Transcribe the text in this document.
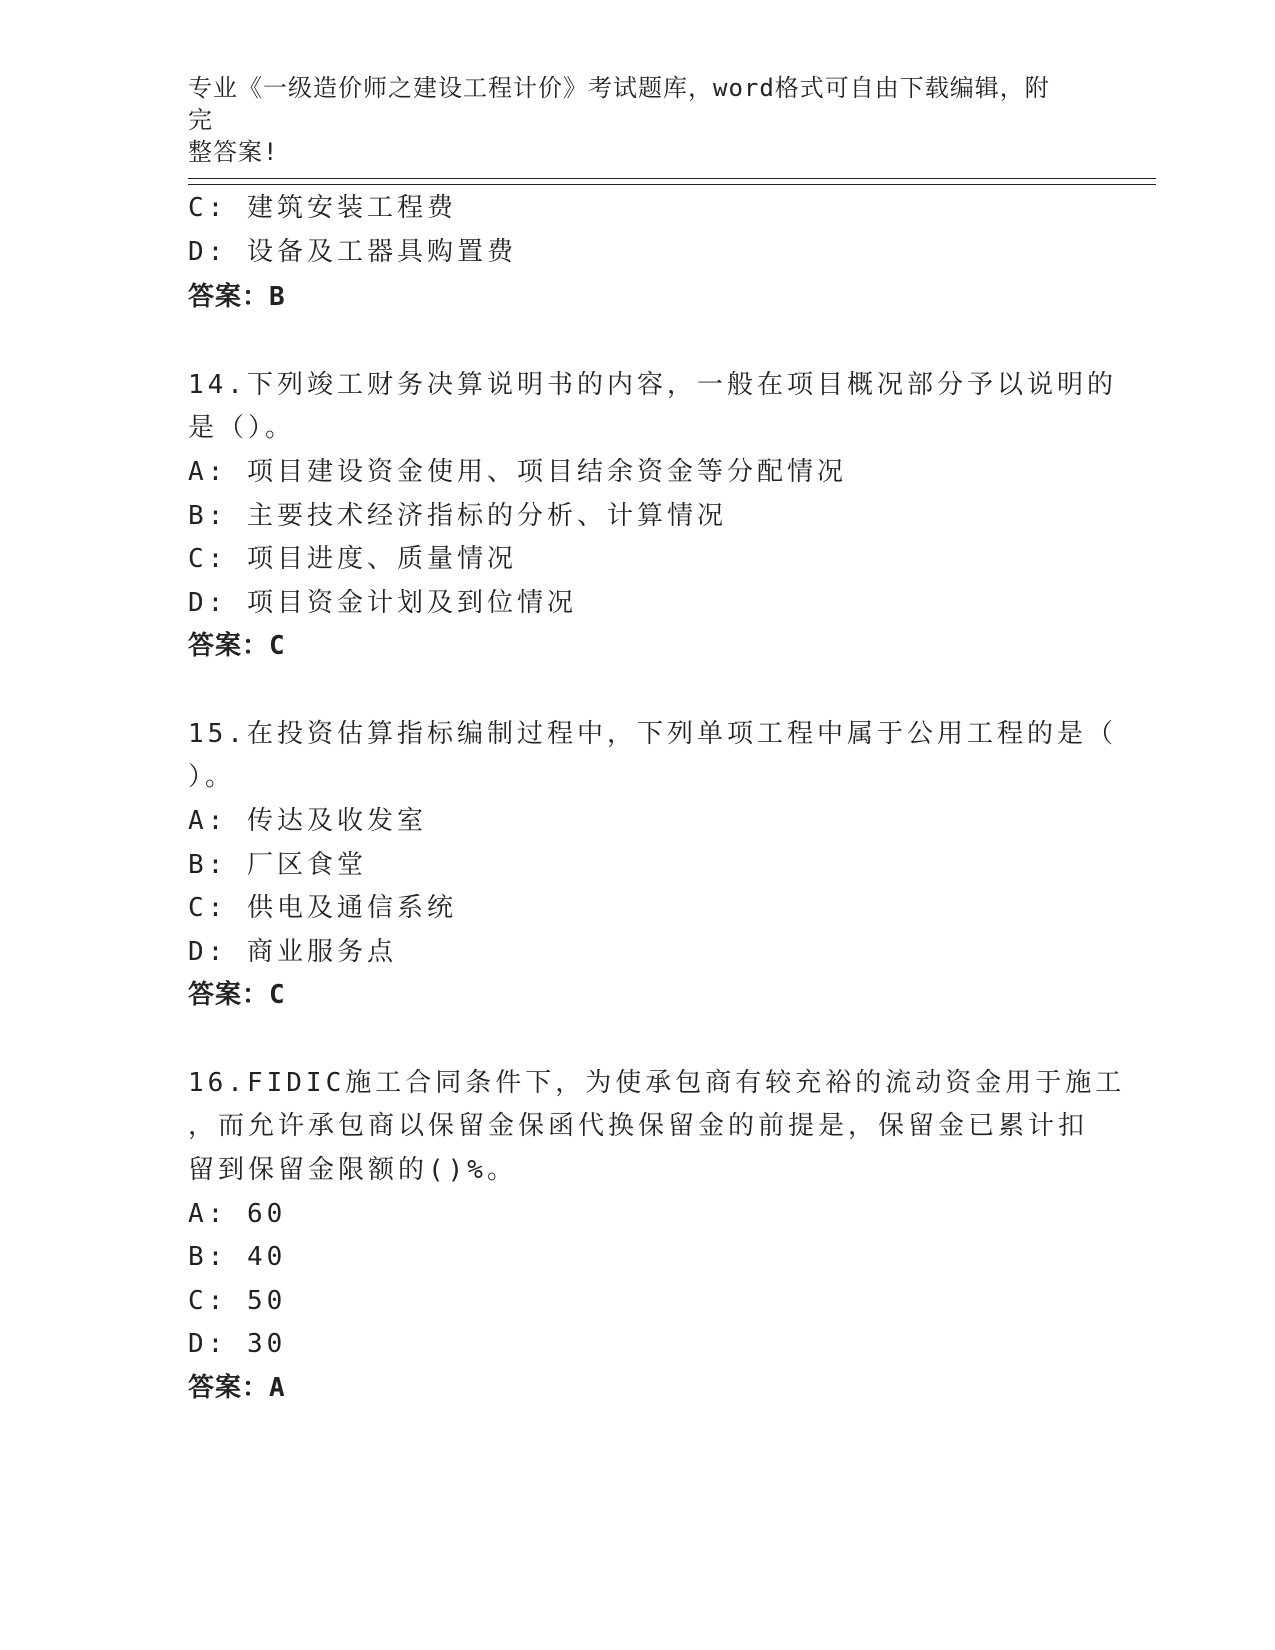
专业《一级造价师之建设工程计价》考试题库，word格式可自由下载编辑，附完
整答案!
C: 建筑安装工程费
D: 设备及工器具购置费
答案：B
14.下列竣工财务决算说明书的内容，一般在项目概况部分予以说明的
是（）。
A: 项目建设资金使用、项目结余资金等分配情况
B: 主要技术经济指标的分析、计算情况
C: 项目进度、质量情况
D: 项目资金计划及到位情况
答案：C
15.在投资估算指标编制过程中，下列单项工程中属于公用工程的是（
）。
A: 传达及收发室
B: 厂区食堂
C: 供电及通信系统
D: 商业服务点
答案：C
16.FIDIC施工合同条件下，为使承包商有较充裕的流动资金用于施工
，而允许承包商以保留金保函代换保留金的前提是，保留金已累计扣
留到保留金限额的()%。
A: 60
B: 40
C: 50
D: 30
答案：A
